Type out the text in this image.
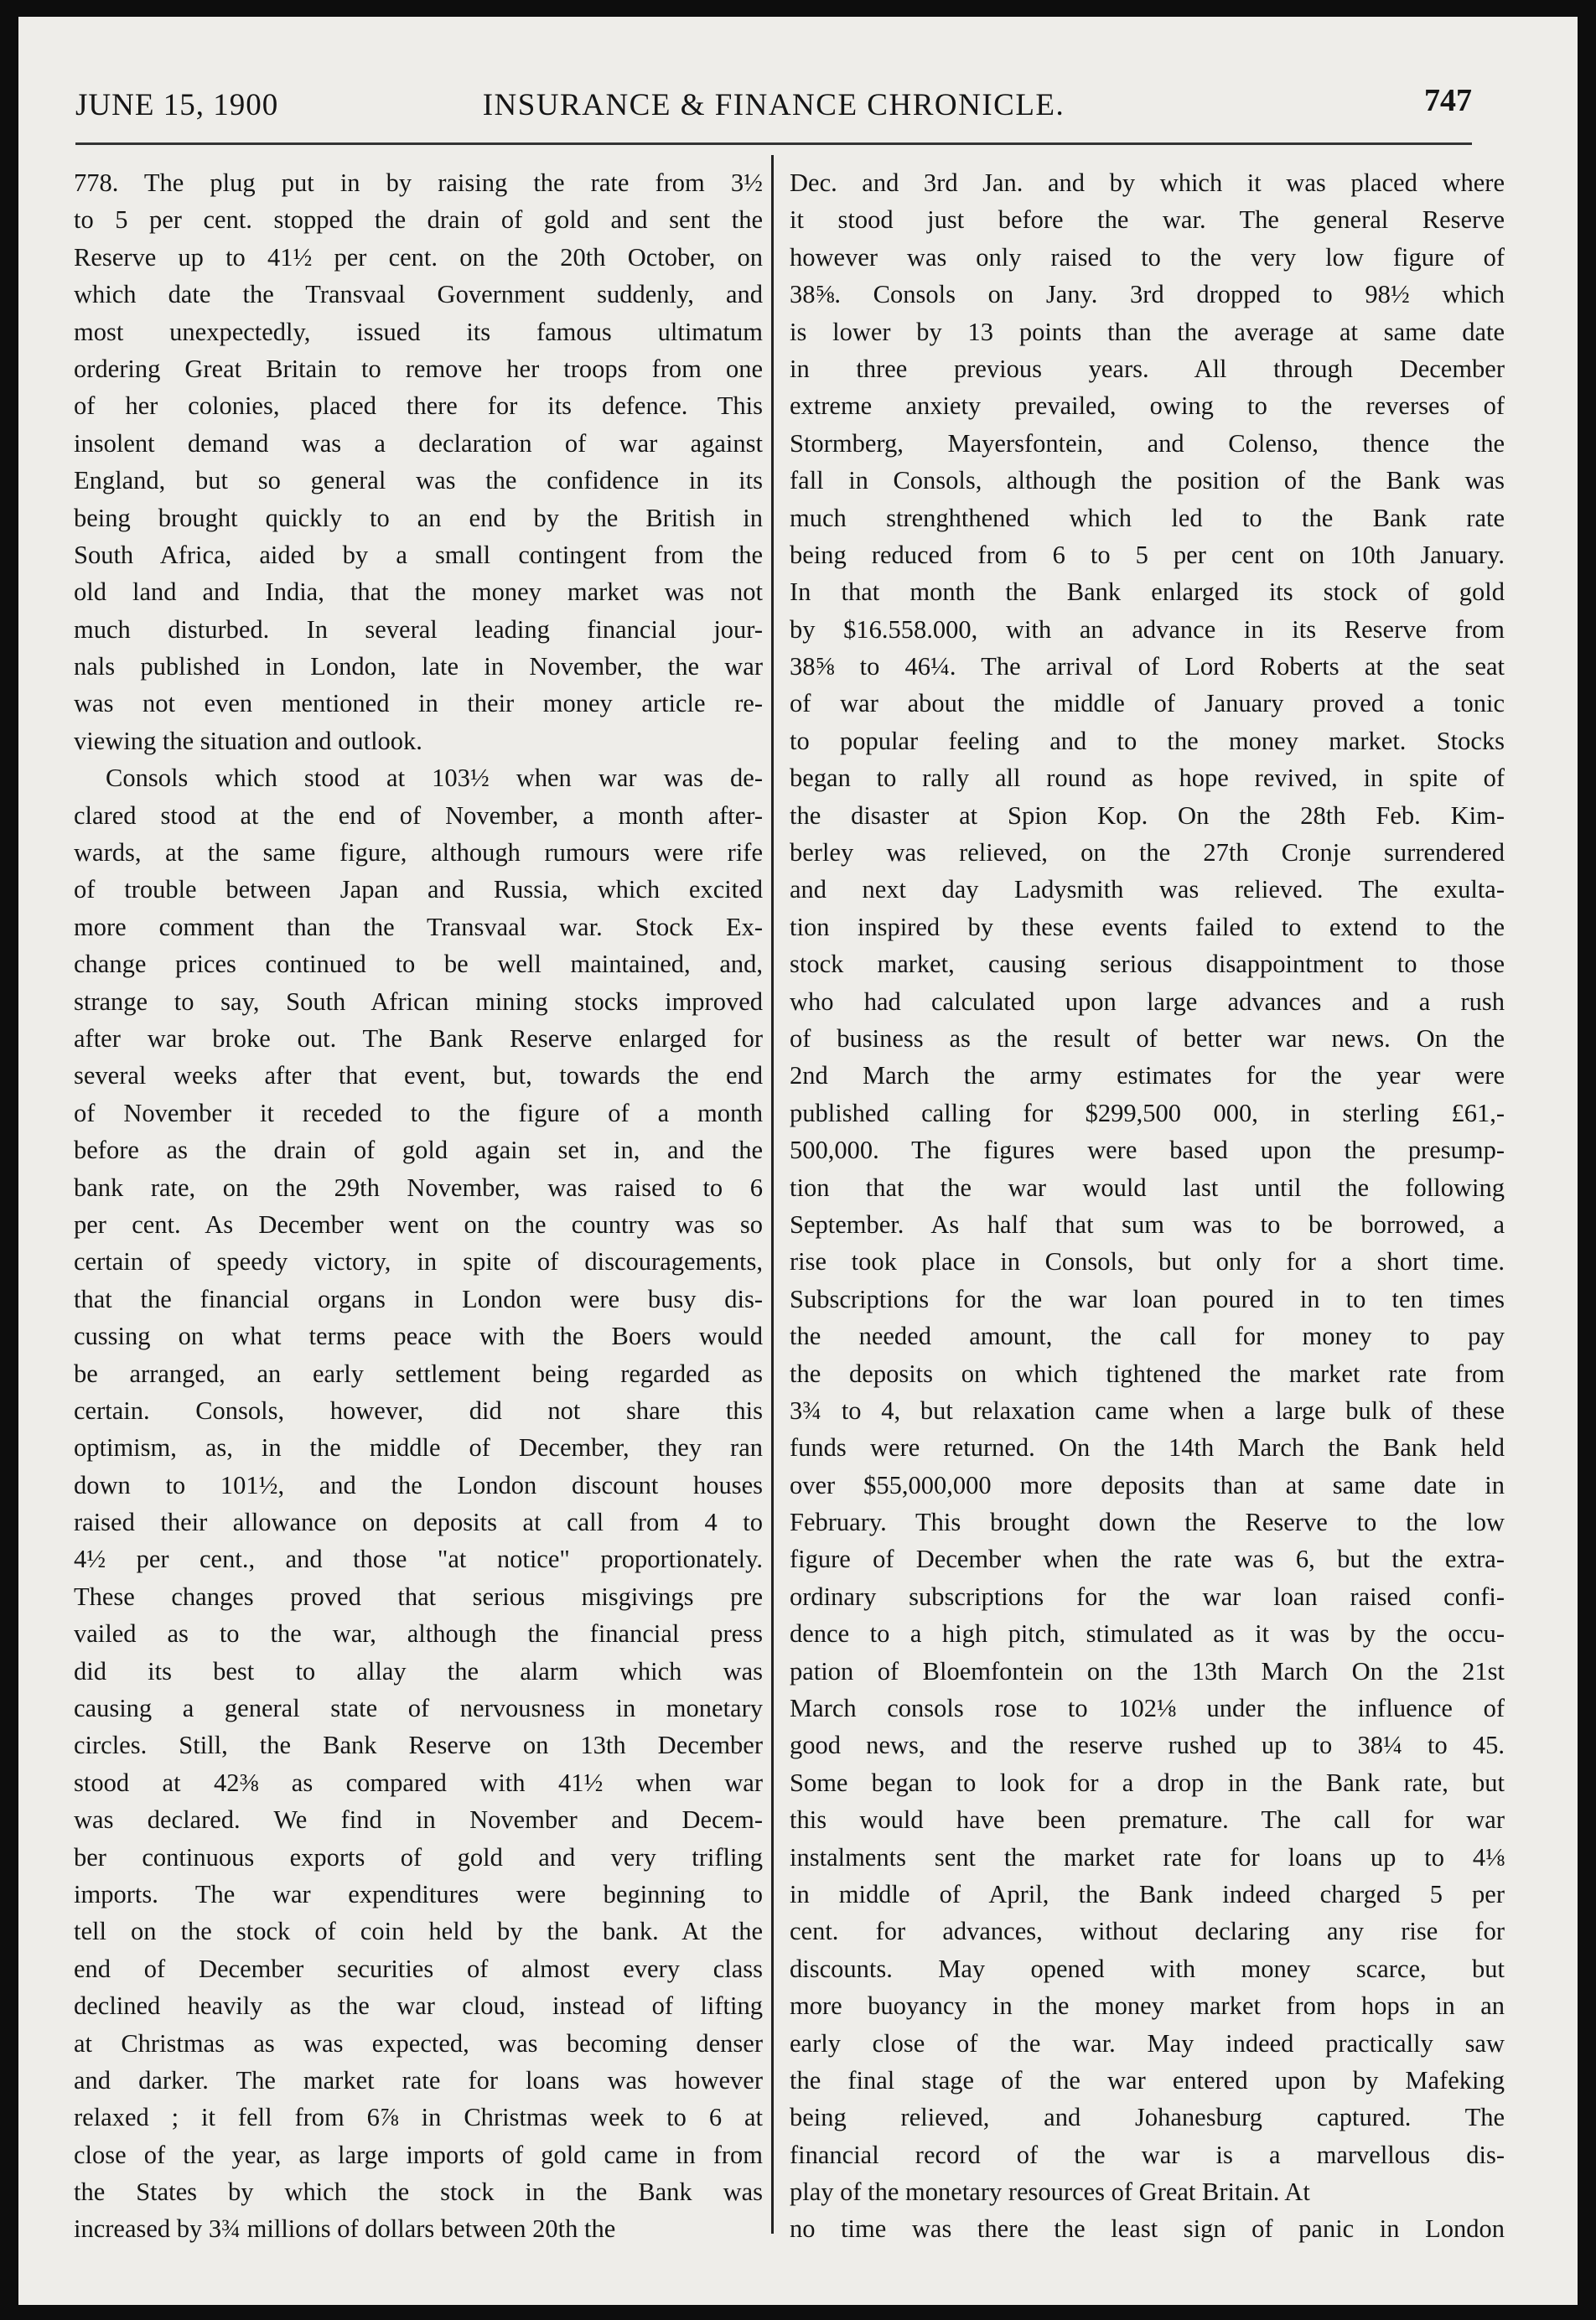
JUNE 15, 1900	INSURANCE & FINANCE CHRONICLE.	747
778. The plug put in by raising the rate from 3½
to 5 per cent. stopped the drain of gold and sent the
Reserve up to 41½ per cent. on the 20th October, on
which date the Transvaal Government suddenly, and
most unexpectedly, issued its famous ultimatum
ordering Great Britain to remove her troops from one
of her colonies, placed there for its defence. This
insolent demand was a declaration of war against
England, but so general was the confidence in its
being brought quickly to an end by the British in
South Africa, aided by a small contingent from the
old land and India, that the money market was not
much disturbed. In several leading financial jour-
nals published in London, late in November, the war
was not even mentioned in their money article re-
viewing the situation and outlook.
Consols which stood at 103½ when war was de-
clared stood at the end of November, a month after-
wards, at the same figure, although rumours were rife
of trouble between Japan and Russia, which excited
more comment than the Transvaal war. Stock Ex-
change prices continued to be well maintained, and,
strange to say, South African mining stocks improved
after war broke out. The Bank Reserve enlarged for
several weeks after that event, but, towards the end
of November it receded to the figure of a month
before as the drain of gold again set in, and the
bank rate, on the 29th November, was raised to 6
per cent. As December went on the country was so
certain of speedy victory, in spite of discouragements,
that the financial organs in London were busy dis-
cussing on what terms peace with the Boers would
be arranged, an early settlement being regarded as
certain. Consols, however, did not share this
optimism, as, in the middle of December, they ran
down to 101½, and the London discount houses
raised their allowance on deposits at call from 4 to
4½ per cent., and those "at notice" proportionately.
These changes proved that serious misgivings pre
vailed as to the war, although the financial press
did its best to allay the alarm which was
causing a general state of nervousness in monetary
circles. Still, the Bank Reserve on 13th December
stood at 42⅜ as compared with 41½ when war
was declared. We find in November and Decem-
ber continuous exports of gold and very trifling
imports. The war expenditures were beginning to
tell on the stock of coin held by the bank. At the
end of December securities of almost every class
declined heavily as the war cloud, instead of lifting
at Christmas as was expected, was becoming denser
and darker. The market rate for loans was however
relaxed ; it fell from 6⅞ in Christmas week to 6 at
close of the year, as large imports of gold came in from
the States by which the stock in the Bank was
increased by 3¾ millions of dollars between 20th the
Dec. and 3rd Jan. and by which it was placed where
it stood just before the war. The general Reserve
however was only raised to the very low figure of
38⅝. Consols on Jany. 3rd dropped to 98½ which
is lower by 13 points than the average at same date
in three previous years. All through December
extreme anxiety prevailed, owing to the reverses of
Stormberg, Mayersfontein, and Colenso, thence the
fall in Consols, although the position of the Bank was
much strenghthened which led to the Bank rate
being reduced from 6 to 5 per cent on 10th January.
In that month the Bank enlarged its stock of gold
by $16.558.000, with an advance in its Reserve from
38⅝ to 46¼. The arrival of Lord Roberts at the seat
of war about the middle of January proved a tonic
to popular feeling and to the money market. Stocks
began to rally all round as hope revived, in spite of
the disaster at Spion Kop. On the 28th Feb. Kim-
berley was relieved, on the 27th Cronje surrendered
and next day Ladysmith was relieved. The exulta-
tion inspired by these events failed to extend to the
stock market, causing serious disappointment to those
who had calculated upon large advances and a rush
of business as the result of better war news. On the
2nd March the army estimates for the year were
published calling for $299,500 000, in sterling £61,-
500,000. The figures were based upon the presump-
tion that the war would last until the following
September. As half that sum was to be borrowed, a
rise took place in Consols, but only for a short time.
Subscriptions for the war loan poured in to ten times
the needed amount, the call for money to pay
the deposits on which tightened the market rate from
3¾ to 4, but relaxation came when a large bulk of these
funds were returned. On the 14th March the Bank held
over $55,000,000 more deposits than at same date in
February. This brought down the Reserve to the low
figure of December when the rate was 6, but the extra-
ordinary subscriptions for the war loan raised confi-
dence to a high pitch, stimulated as it was by the occu-
pation of Bloemfontein on the 13th March On the 21st
March consols rose to 102⅛ under the influence of
good news, and the reserve rushed up to 38¼ to 45.
Some began to look for a drop in the Bank rate, but
this would have been premature. The call for war
instalments sent the market rate for loans up to 4⅛
in middle of April, the Bank indeed charged 5 per
cent. for advances, without declaring any rise for
discounts. May opened with money scarce, but
more buoyancy in the money market from hops in an
early close of the war. May indeed practically saw
the final stage of the war entered upon by Mafeking
being relieved, and Johanesburg captured. The
financial record of the war is a marvellous dis-
play of the monetary resources of Great Britain. At
no time was there the least sign of panic in London
